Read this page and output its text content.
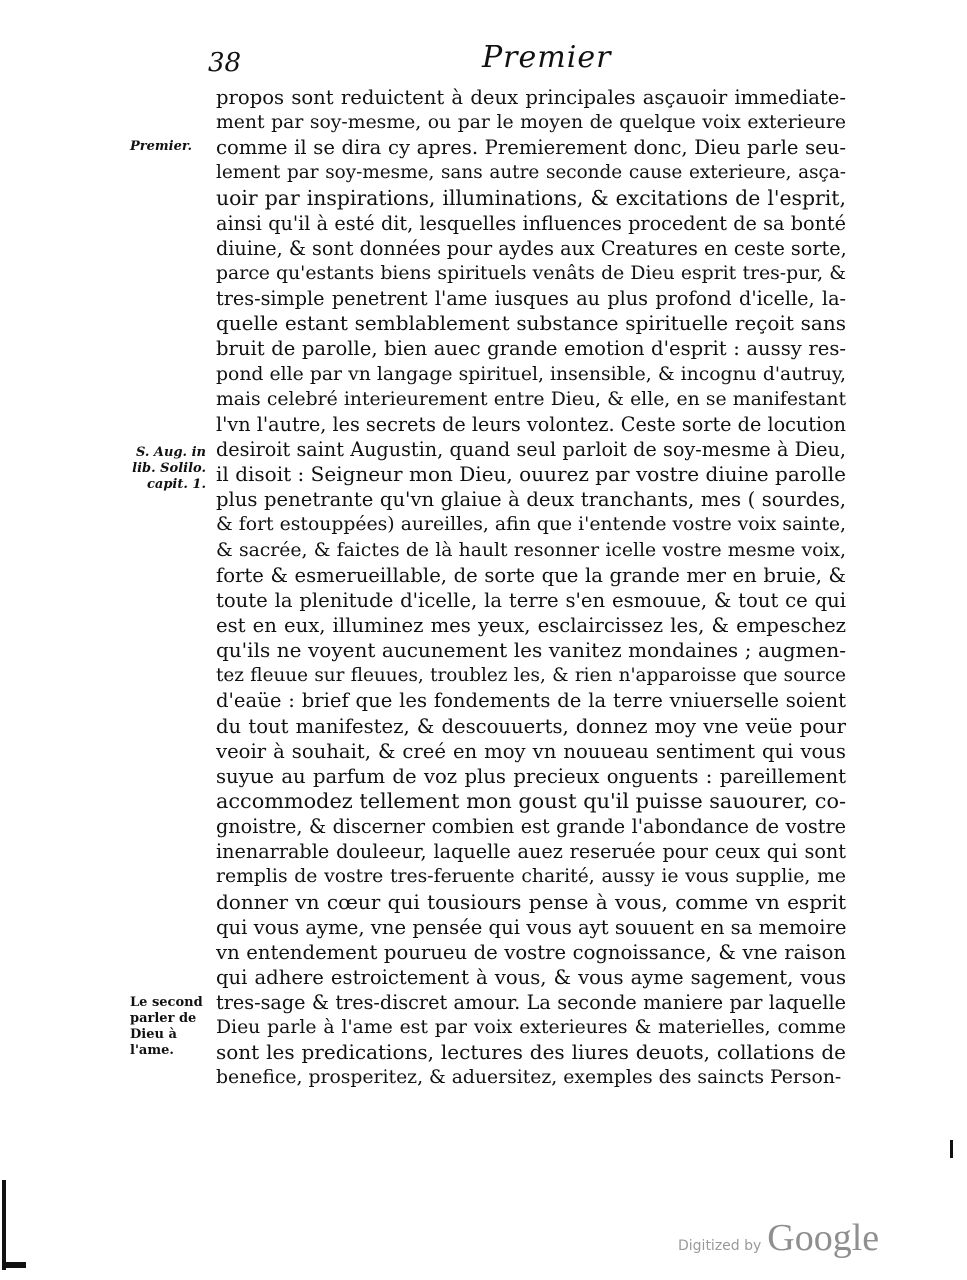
38	Premier
Premier.
S. Aug. in lib. Solilo. capit. 1.
Le second parler de Dieu à l'ame.
propos sont reduictent à deux principales asçauoir immediate-
ment par soy-mesme, ou par le moyen de quelque voix exterieure
comme il se dira cy apres. Premierement donc, Dieu parle seu-
lement par soy-mesme, sans autre seconde cause exterieure, asça-
uoir par inspirations, illuminations, & excitations de l'esprit,
ainsi qu'il à esté dit, lesquelles influences procedent de sa bonté
diuine, & sont données pour aydes aux Creatures en ceste sorte,
parce qu'estants biens spirituels venâts de Dieu esprit tres-pur, &
tres-simple penetrent l'ame iusques au plus profond d'icelle, la-
quelle estant semblablement substance spirituelle reçoit sans
bruit de parolle, bien auec grande emotion d'esprit : aussy res-
pond elle par vn langage spirituel, insensible, & incognu d'autruy,
mais celebré interieurement entre Dieu, & elle, en se manifestant
l'vn l'autre, les secrets de leurs volontez. Ceste sorte de locution
desiroit saint Augustin, quand seul parloit de soy-mesme à Dieu,
il disoit : Seigneur mon Dieu, ouurez par vostre diuine parolle
plus penetrante qu'vn glaiue à deux tranchants, mes ( sourdes,
& fort estouppées) aureilles, afin que i'entende vostre voix sainte,
& sacrée, & faictes de là hault resonner icelle vostre mesme voix,
forte & esmerueillable, de sorte que la grande mer en bruie, &
toute la plenitude d'icelle, la terre s'en esmouue, & tout ce qui
est en eux, illuminez mes yeux, esclaircissez les, & empeschez
qu'ils ne voyent aucunement les vanitez mondaines ; augmen-
tez fleuue sur fleuues, troublez les, & rien n'apparoisse que source
d'eaüe : brief que les fondements de la terre vniuerselle soient
du tout manifestez, & descouuerts, donnez moy vne veüe pour
veoir à souhait, & creé en moy vn nouueau sentiment qui vous
suyue au parfum de voz plus precieux onguents : pareillement
accommodez tellement mon goust qu'il puisse sauourer, co-
gnoistre, & discerner combien est grande l'abondance de vostre
inenarrable douleeur, laquelle auez reseruée pour ceux qui sont
remplis de vostre tres-feruente charité, aussy ie vous supplie, me
donner vn cœur qui tousiours pense à vous, comme vn esprit
qui vous ayme, vne pensée qui vous ayt souuent en sa memoire
vn entendement pourueu de vostre cognoissance, & vne raison
qui adhere estroictement à vous, & vous ayme sagement, vous
tres-sage & tres-discret amour. La seconde maniere par laquelle
Dieu parle à l'ame est par voix exterieures & materielles, comme
sont les predications, lectures des liures deuots, collations de
benefice, prosperitez, & aduersitez, exemples des saincts Person-
Digitized by Google
